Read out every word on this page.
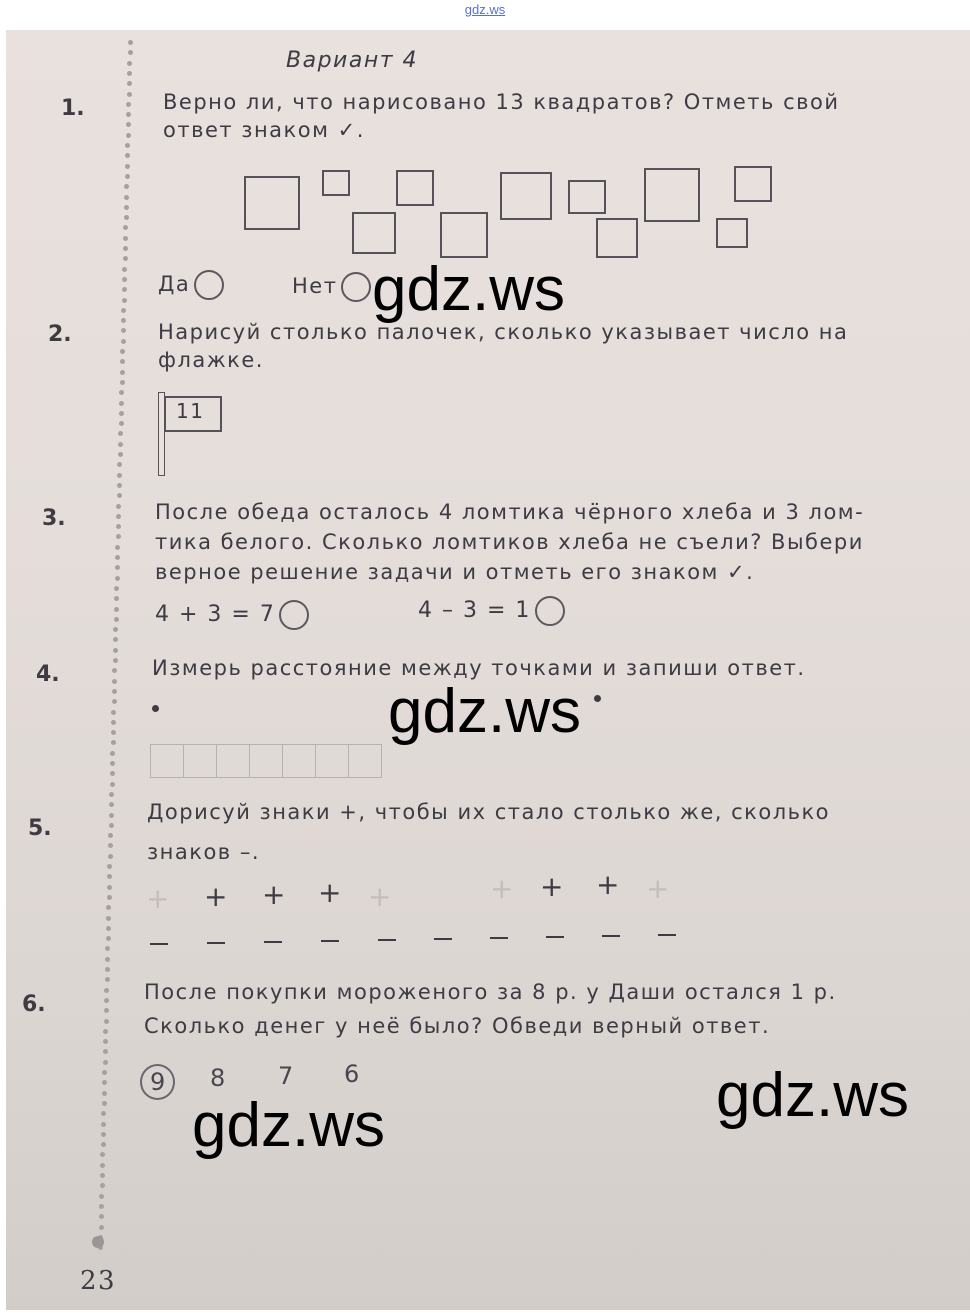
gdz.ws
Вариант 4
1.	Верно ли, что нарисовано 13 квадратов? Отметь свой
ответ знаком ✓.
Да	Нет
2.	Нарисуй столько палочек, сколько указывает число на
флажке.
11
3.	После обеда осталось 4 ломтика чёрного хлеба и 3 лом-
тика белого. Сколько ломтиков хлеба не съели? Выбери
верное решение задачи и отметь его знаком ✓.
4 + 3 = 7	4 – 3 = 1
4.	Измерь расстояние между точками и запиши ответ.
5.
Дорисуй знаки +, чтобы их стало столько же, сколько
знаков –.
+ + + + +	+ + + +
6.	После покупки мороженого за 8 р. у Даши остался 1 р.
Сколько денег у неё было? Обведи верный ответ.
9	8 7 6
23
gdz.ws
gdz.ws
gdz.ws
gdz.ws
